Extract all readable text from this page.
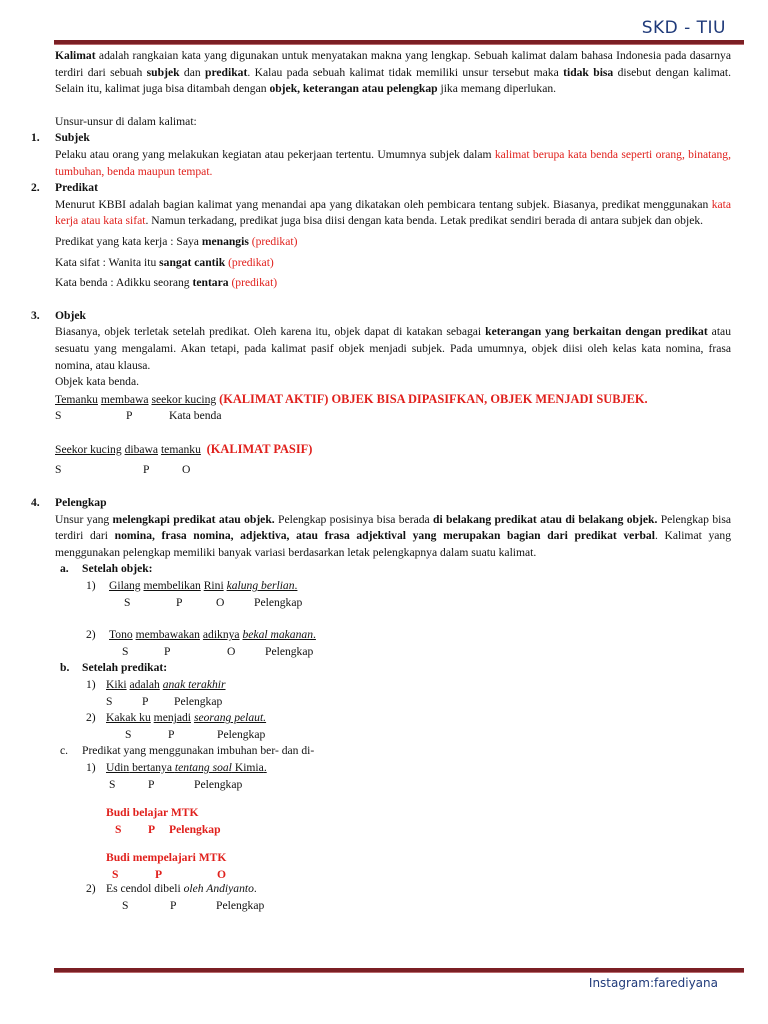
SKD - TIU
Kalimat adalah rangkaian kata yang digunakan untuk menyatakan makna yang lengkap. Sebuah kalimat dalam bahasa Indonesia pada dasarnya terdiri dari sebuah subjek dan predikat. Kalau pada sebuah kalimat tidak memiliki unsur tersebut maka tidak bisa disebut dengan kalimat. Selain itu, kalimat juga bisa ditambah dengan objek, keterangan atau pelengkap jika memang diperlukan.
Unsur-unsur di dalam kalimat:
1. Subjek
Pelaku atau orang yang melakukan kegiatan atau pekerjaan tertentu. Umumnya subjek dalam kalimat berupa kata benda seperti orang, binatang, tumbuhan, benda maupun tempat.
2. Predikat
Menurut KBBI adalah bagian kalimat yang menandai apa yang dikatakan oleh pembicara tentang subjek. Biasanya, predikat menggunakan kata kerja atau kata sifat. Namun terkadang, predikat juga bisa diisi dengan kata benda. Letak predikat sendiri berada di antara subjek dan objek.
Predikat yang kata kerja : Saya menangis (predikat)
Kata sifat : Wanita itu sangat cantik (predikat)
Kata benda : Adikku seorang tentara (predikat)
3. Objek
Biasanya, objek terletak setelah predikat. Oleh karena itu, objek dapat di katakan sebagai keterangan yang berkaitan dengan predikat atau sesuatu yang mengalami. Akan tetapi, pada kalimat pasif objek menjadi subjek. Pada umumnya, objek diisi oleh kelas kata nomina, frasa nomina, atau klausa.
Objek kata benda.
Temanku membawa seekor kucing (KALIMAT AKTIF) OBJEK BISA DIPASIFKAN, OBJEK MENJADI SUBJEK.
S	P	Kata benda
Seekor kucing dibawa temanku (KALIMAT PASIF)
S	P	O
4. Pelengkap
Unsur yang melengkapi predikat atau objek. Pelengkap posisinya bisa berada di belakang predikat atau di belakang objek. Pelengkap bisa terdiri dari nomina, frasa nomina, adjektiva, atau frasa adjektival yang merupakan bagian dari predikat verbal. Kalimat yang menggunakan pelengkap memiliki banyak variasi berdasarkan letak pelengkapnya dalam suatu kalimat.
a. Setelah objek:
1) Gilang membelikan Rini kalung berlian.
S	P	O	Pelengkap
2) Tono membawakan adiknya bekal makanan.
S	P	O	Pelengkap
b. Setelah predikat:
1) Kiki adalah anak terakhir
S	P Pelengkap
2) Kakak ku menjadi seorang pelaut.
S	P	Pelengkap
c. Predikat yang menggunakan imbuhan ber- dan di-
1) Udin bertanya tentang soal Kimia.
S	P	Pelengkap
Budi belajar MTK
S P Pelengkap
Budi mempelajari MTK
S	P	O
2) Es cendol dibeli oleh Andiyanto.
S	P	Pelengkap
Instagram:farediyana
